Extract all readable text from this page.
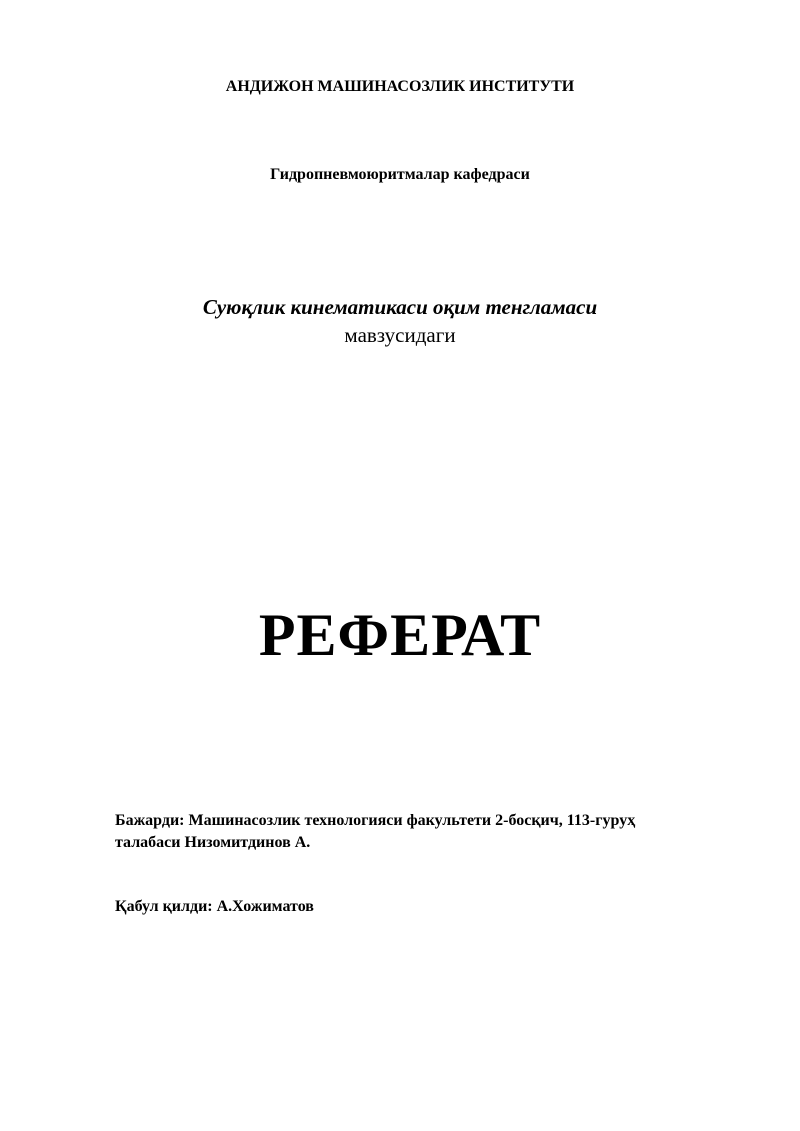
АНДИЖОН МАШИНАСОЗЛИК ИНСТИТУТИ

Гидропневмоюритмалар кафедраси

Суюқлик кинематикаси оқим тенгламаси
мавзусидаги

РЕФЕРАТ

Бажарди: Машинасозлик технологияси факультети 2-босқич, 113-гуруҳ
талабаси Низомитдинов А.
Қабул қилди: А.Хожиматов
